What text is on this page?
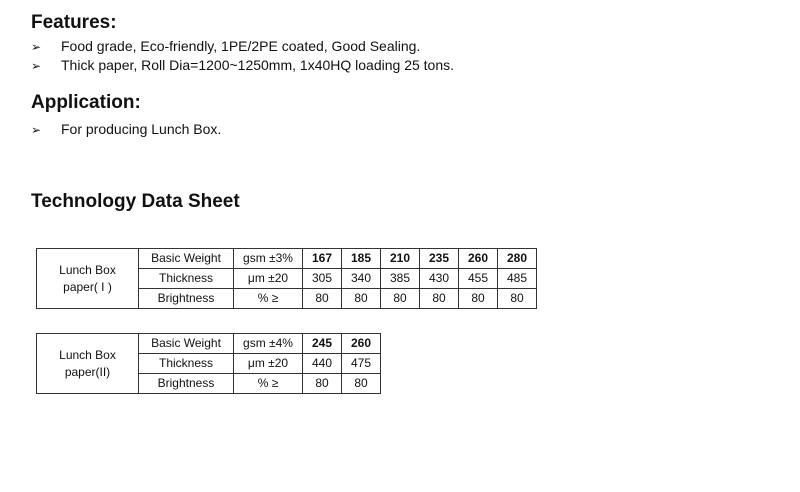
Features:
➢ Food grade, Eco-friendly, 1PE/2PE coated, Good Sealing.
➢ Thick paper, Roll Dia=1200~1250mm, 1x40HQ loading 25 tons.
Application:
➢ For producing Lunch Box.
Technology Data Sheet
Lunch Box
paper( I )	Basic Weight	gsm ±3%	167	185	210	235	260	280
	Thickness	μm ±20	305	340	385	430	455	485
	Brightness	% ≥	80	80	80	80	80	80
Lunch Box
paper(II)	Basic Weight	gsm ±4%	245	260
	Thickness	μm ±20	440	475
	Brightness	% ≥	80	80
